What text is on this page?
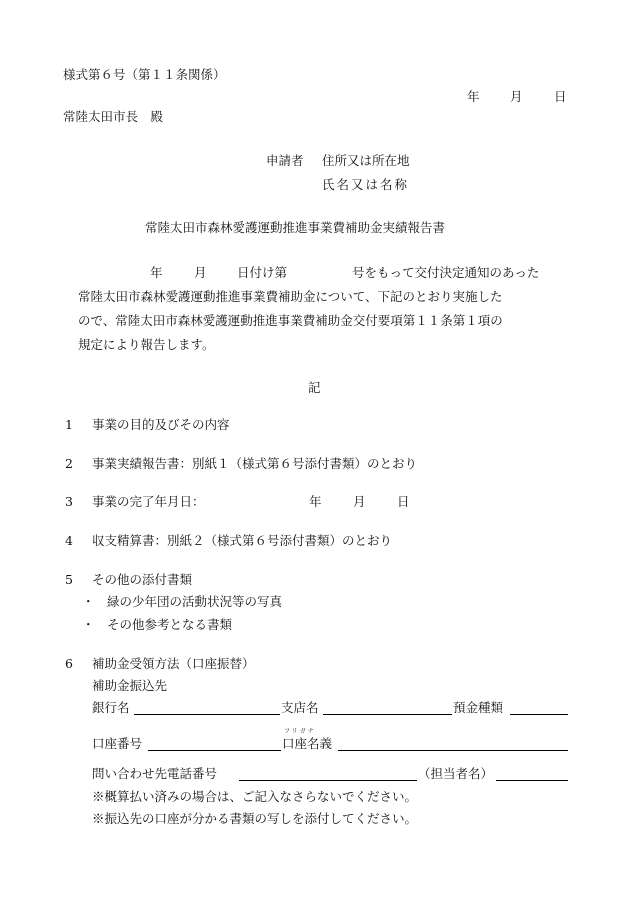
様式第６号（第１１条関係）
年 月	日
常陸太田市長　殿
申請者 住所又は所在地
氏名又は名称
常陸太田市森林愛護運動推進事業費補助金実績報告書
年	月 日付け第	号をもって交付決定通知のあった
常陸太田市森林愛護運動推進事業費補助金について、下記のとおり実施した
ので、常陸太田市森林愛護運動推進事業費補助金交付要項第１１条第１項の
規定により報告します。
記
1 事業の目的及びその内容
2 事業実績報告書：別紙１（様式第６号添付書類）のとおり
3 事業の完了年月日：	年	月	日
4 収支精算書：別紙２（様式第６号添付書類）のとおり
5 その他の添付書類
・ 緑の少年団の活動状況等の写真
・ その他参考となる書類
6 補助金受領方法（口座振替）
補助金振込先
銀行名	支店名	預金種類
口座番号
フリガナ
口座名義
問い合わせ先電話番号	（担当者名）
※概算払い済みの場合は、ご記入なさらないでください。
※振込先の口座が分かる書類の写しを添付してください。
